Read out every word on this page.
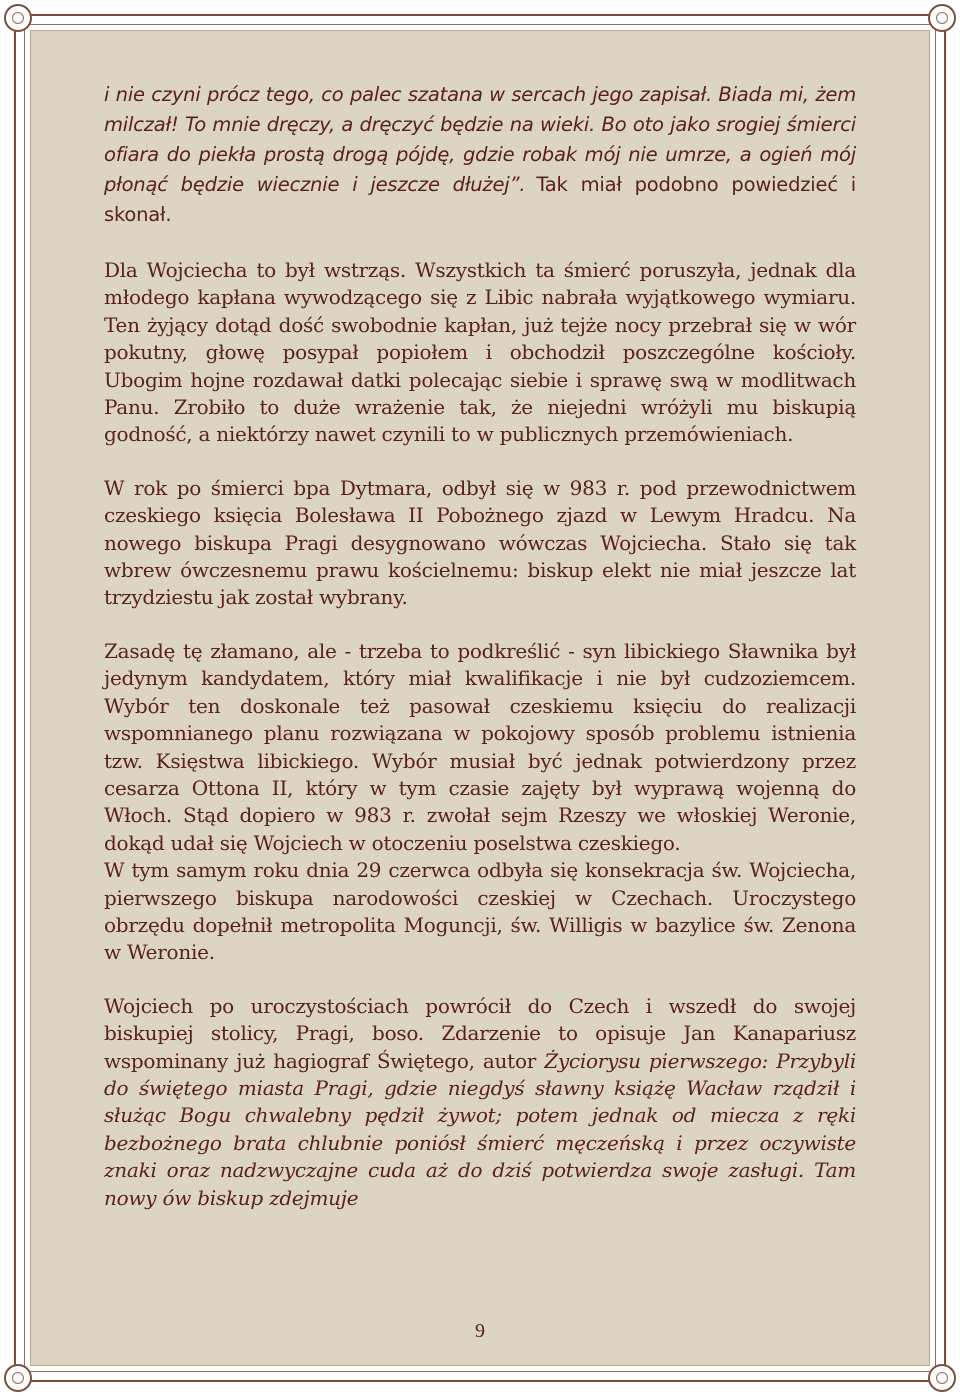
i nie czyni prócz tego, co palec szatana w sercach jego zapisał. Biada mi, żem milczał! To mnie dręczy, a dręczyć będzie na wieki. Bo oto jako srogiej śmierci ofiara do piekła prostą drogą pójdę, gdzie robak mój nie umrze, a ogień mój płonąć będzie wiecznie i jeszcze dłużej”. Tak miał podobno powiedzieć i skonał.

Dla Wojciecha to był wstrząs. Wszystkich ta śmierć poruszyła, jednak dla młodego kapłana wywodzącego się z Libic nabrała wyjątkowego wymiaru. Ten żyjący dotąd dość swobodnie kapłan, już tejże nocy przebrał się w wór pokutny, głowę posypał popiołem i obchodził poszczególne kościoły. Ubogim hojne rozdawał datki polecając siebie i sprawę swą w modlitwach Panu. Zrobiło to duże wrażenie tak, że niejedni wróżyli mu biskupią godność, a niektórzy nawet czynili to w publicznych przemówieniach.

W rok po śmierci bpa Dytmara, odbył się w 983 r. pod przewodnictwem czeskiego księcia Bolesława II Pobożnego zjazd w Lewym Hradcu. Na nowego biskupa Pragi desygnowano wówczas Wojciecha. Stało się tak wbrew ówczesnemu prawu kościelnemu: biskup elekt nie miał jeszcze lat trzydziestu jak został wybrany.

Zasadę tę złamano, ale - trzeba to podkreślić - syn libickiego Sławnika był jedynym kandydatem, który miał kwalifikacje i nie był cudzoziemcem. Wybór ten doskonale też pasował czeskiemu księciu do realizacji wspomnianego planu rozwiązana w pokojowy sposób problemu istnienia tzw. Księstwa libickiego. Wybór musiał być jednak potwierdzony przez cesarza Ottona II, który w tym czasie zajęty był wyprawą wojenną do Włoch. Stąd dopiero w 983 r. zwołał sejm Rzeszy we włoskiej Weronie, dokąd udał się Wojciech w otoczeniu poselstwa czeskiego.

W tym samym roku dnia 29 czerwca odbyła się konsekracja św. Wojciecha, pierwszego biskupa narodowości czeskiej w Czechach. Uroczystego obrzędu dopełnił metropolita Moguncji, św. Willigis w bazylice św. Zenona w Weronie.

Wojciech po uroczystościach powrócił do Czech i wszedł do swojej biskupiej stolicy, Pragi, boso. Zdarzenie to opisuje Jan Kanapariusz wspominany już hagiograf Świętego, autor Życiorysu pierwszego: Przybyli do świętego miasta Pragi, gdzie niegdyś sławny książę Wacław rządził i służąc Bogu chwalebny pędził żywot; potem jednak od miecza z ręki bezbożnego brata chlubnie poniósł śmierć męczeńską i przez oczywiste znaki oraz nadzwyczajne cuda aż do dziś potwierdza swoje zasługi. Tam nowy ów biskup zdejmuje

9
